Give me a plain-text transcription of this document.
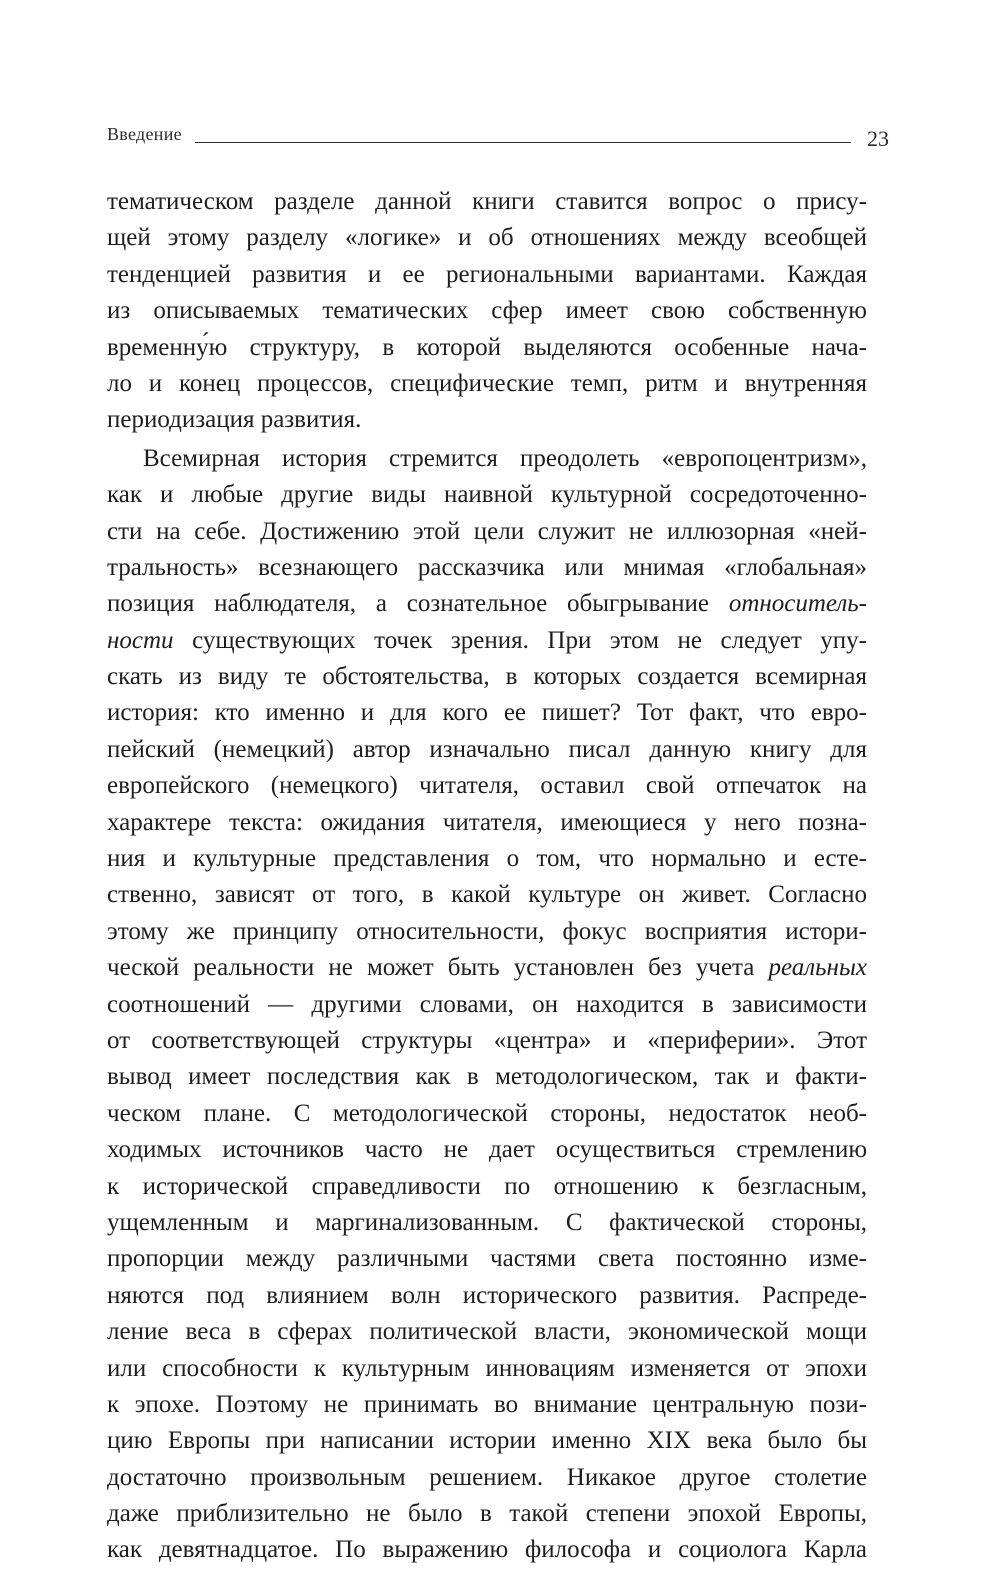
Введение	23
тематическом разделе данной книги ставится вопрос о прису-
щей этому разделу «логике» и об отношениях между всеобщей
тенденцией развития и ее региональными вариантами. Каждая
из описываемых тематических сфер имеет свою собственную
временну́ю структуру, в которой выделяются особенные нача-
ло и конец процессов, специфические темп, ритм и внутренняя
периодизация развития.
Всемирная история стремится преодолеть «европоцентризм»,
как и любые другие виды наивной культурной сосредоточенно-
сти на себе. Достижению этой цели служит не иллюзорная «ней-
тральность» всезнающего рассказчика или мнимая «глобальная»
позиция наблюдателя, а сознательное обыгрывание относитель-
ности существующих точек зрения. При этом не следует упу-
скать из виду те обстоятельства, в которых создается всемирная
история: кто именно и для кого ее пишет? Тот факт, что евро-
пейский (немецкий) автор изначально писал данную книгу для
европейского (немецкого) читателя, оставил свой отпечаток на
характере текста: ожидания читателя, имеющиеся у него позна-
ния и культурные представления о том, что нормально и есте-
ственно, зависят от того, в какой культуре он живет. Согласно
этому же принципу относительности, фокус восприятия истори-
ческой реальности не может быть установлен без учета реальных
соотношений — другими словами, он находится в зависимости
от соответствующей структуры «центра» и «периферии». Этот
вывод имеет последствия как в методологическом, так и факти-
ческом плане. С методологической стороны, недостаток необ-
ходимых источников часто не дает осуществиться стремлению
к исторической справедливости по отношению к безгласным,
ущемленным и маргинализованным. С фактической стороны,
пропорции между различными частями света постоянно изме-
няются под влиянием волн исторического развития. Распреде-
ление веса в сферах политической власти, экономической мощи
или способности к культурным инновациям изменяется от эпохи
к эпохе. Поэтому не принимать во внимание центральную пози-
цию Европы при написании истории именно XIX века было бы
достаточно произвольным решением. Никакое другое столетие
даже приблизительно не было в такой степени эпохой Европы,
как девятнадцатое. По выражению философа и социолога Карла
